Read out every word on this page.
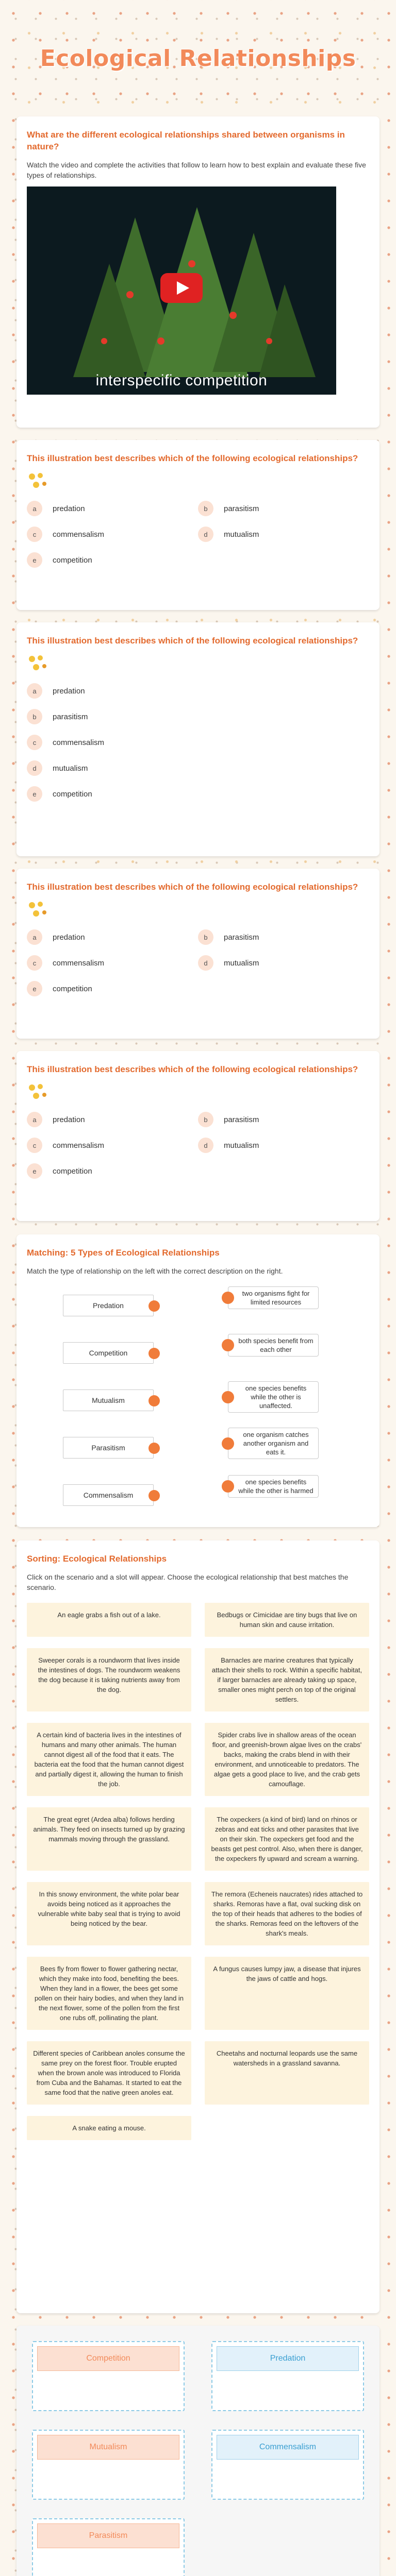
Ecological Relationships
What are the different ecological relationships shared between organisms in nature?
Watch the video and complete the activities that follow to learn how to best explain and evaluate these five types of relationships.
interspecific competition
This illustration best describes which of the following ecological relationships?
a	predation	b	parasitism
c	commensalism	d	mutualism
e	competition
This illustration best describes which of the following ecological relationships?
a	predation
b	parasitism
c	commensalism
d	mutualism
e	competition
This illustration best describes which of the following ecological relationships?
a	predation	b	parasitism
c	commensalism	d	mutualism
e	competition
This illustration best describes which of the following ecological relationships?
a	predation	b	parasitism
c	commensalism	d	mutualism
e	competition
Matching: 5 Types of Ecological Relationships
Match the type of relationship on the left with the correct description on the right.
Predation
two organisms fight for limited resources
Competition
both species benefit from each other
Mutualism
one species benefits while the other is unaffected.
Parasitism
one organism catches another organism and eats it.
Commensalism
one species benefits while the other is harmed
Sorting: Ecological Relationships
Click on the scenario and a slot will appear. Choose the ecological relationship that best matches the scenario.
An eagle grabs a fish out of a lake.	Bedbugs or Cimicidae are tiny bugs that live on human skin and cause irritation.
Sweeper corals is a roundworm that lives inside the intestines of dogs. The roundworm weakens the dog because it is taking nutrients away from the dog.
Barnacles are marine creatures that typically attach their shells to rock. Within a specific habitat, if larger barnacles are already taking up space, smaller ones might perch on top of the original settlers.
A certain kind of bacteria lives in the intestines of humans and many other animals. The human cannot digest all of the food that it eats. The bacteria eat the food that the human cannot digest and partially digest it, allowing the human to finish the job.
Spider crabs live in shallow areas of the ocean floor, and greenish-brown algae lives on the crabs' backs, making the crabs blend in with their environment, and unnoticeable to predators. The algae gets a good place to live, and the crab gets camouflage.
The great egret (Ardea alba) follows herding animals. They feed on insects turned up by grazing mammals moving through the grassland.
The oxpeckers (a kind of bird) land on rhinos or zebras and eat ticks and other parasites that live on their skin. The oxpeckers get food and the beasts get pest control. Also, when there is danger, the oxpeckers fly upward and scream a warning.
In this snowy environment, the white polar bear avoids being noticed as it approaches the vulnerable white baby seal that is trying to avoid being noticed by the bear.
The remora (Echeneis naucrates) rides attached to sharks. Remoras have a flat, oval sucking disk on the top of their heads that adheres to the bodies of the sharks. Remoras feed on the leftovers of the shark's meals.
Bees fly from flower to flower gathering nectar, which they make into food, benefiting the bees. When they land in a flower, the bees get some pollen on their hairy bodies, and when they land in the next flower, some of the pollen from the first one rubs off, pollinating the plant.
A fungus causes lumpy jaw, a disease that injures the jaws of cattle and hogs.
Different species of Caribbean anoles consume the same prey on the forest floor. Trouble erupted when the brown anole was introduced to Florida from Cuba and the Bahamas. It started to eat the same food that the native green anoles eat.
Cheetahs and nocturnal leopards use the same watersheds in a grassland savanna.
A snake eating a mouse.
Competition	Predation
Mutualism	Commensalism
Parasitism
